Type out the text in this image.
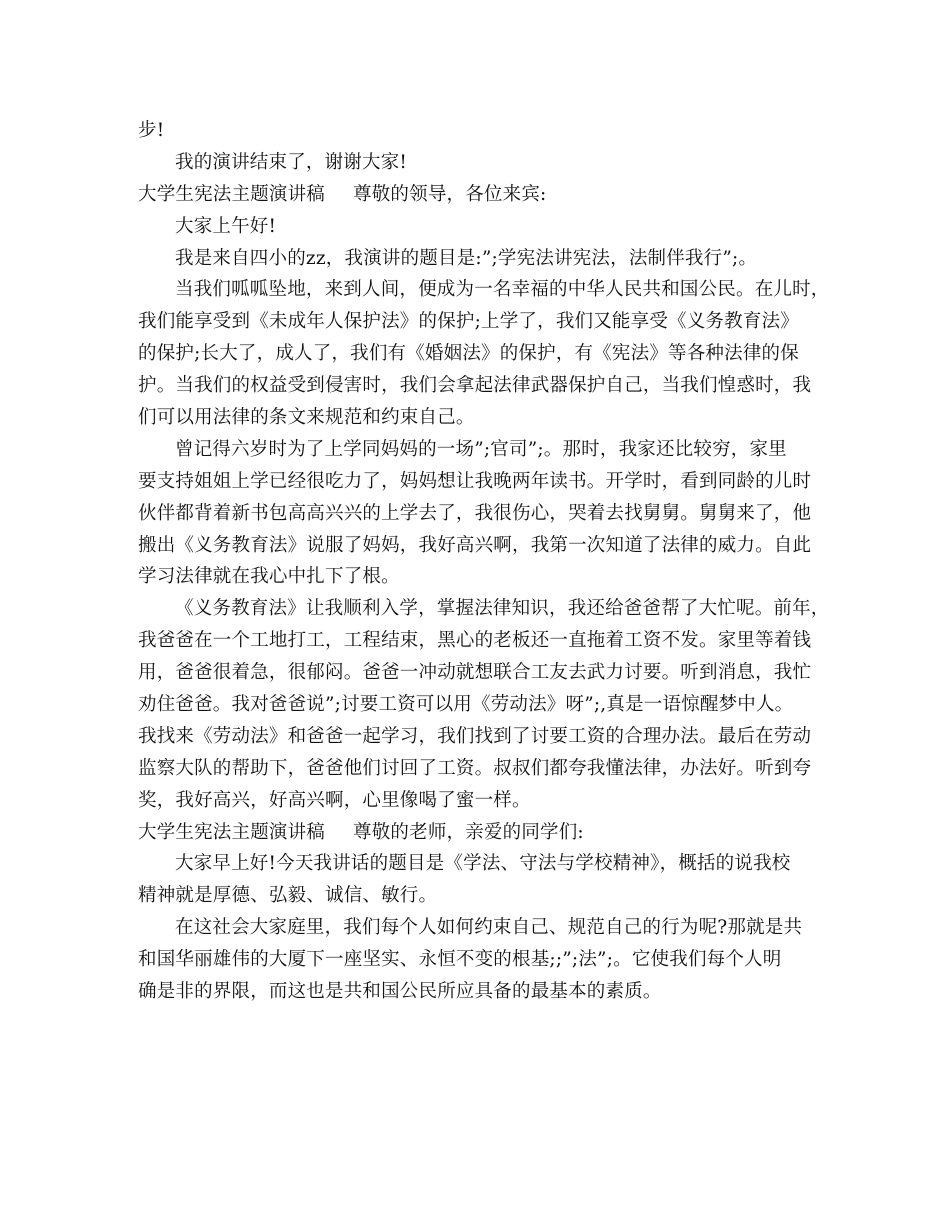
步!
我的演讲结束了，谢谢大家!
大学生宪法主题演讲稿 尊敬的领导，各位来宾:
大家上午好!
我是来自四小的zz，我演讲的题目是:”;学宪法讲宪法，法制伴我行”;。
当我们呱呱坠地，来到人间，便成为一名幸福的中华人民共和国公民。在儿时，
我们能享受到《未成年人保护法》的保护;上学了，我们又能享受《义务教育法》
的保护;长大了，成人了，我们有《婚姻法》的保护，有《宪法》等各种法律的保
护。当我们的权益受到侵害时，我们会拿起法律武器保护自己，当我们惶惑时，我
们可以用法律的条文来规范和约束自己。
曾记得六岁时为了上学同妈妈的一场”;官司”;。那时，我家还比较穷，家里
要支持姐姐上学已经很吃力了，妈妈想让我晚两年读书。开学时，看到同龄的儿时
伙伴都背着新书包高高兴兴的上学去了，我很伤心，哭着去找舅舅。舅舅来了，他
搬出《义务教育法》说服了妈妈，我好高兴啊，我第一次知道了法律的威力。自此
学习法律就在我心中扎下了根。
《义务教育法》让我顺利入学，掌握法律知识，我还给爸爸帮了大忙呢。前年，
我爸爸在一个工地打工，工程结束，黑心的老板还一直拖着工资不发。家里等着钱
用，爸爸很着急，很郁闷。爸爸一冲动就想联合工友去武力讨要。听到消息，我忙
劝住爸爸。我对爸爸说”;讨要工资可以用《劳动法》呀”;,真是一语惊醒梦中人。
我找来《劳动法》和爸爸一起学习，我们找到了讨要工资的合理办法。最后在劳动
监察大队的帮助下，爸爸他们讨回了工资。叔叔们都夸我懂法律，办法好。听到夸
奖，我好高兴，好高兴啊，心里像喝了蜜一样。
大学生宪法主题演讲稿 尊敬的老师，亲爱的同学们:
大家早上好!今天我讲话的题目是《学法、守法与学校精神》，概括的说我校
精神就是厚德、弘毅、诚信、敏行。
在这社会大家庭里，我们每个人如何约束自己、规范自己的行为呢?那就是共
和国华丽雄伟的大厦下一座坚实、永恒不变的根基;;”;法”;。它使我们每个人明
确是非的界限，而这也是共和国公民所应具备的最基本的素质。
